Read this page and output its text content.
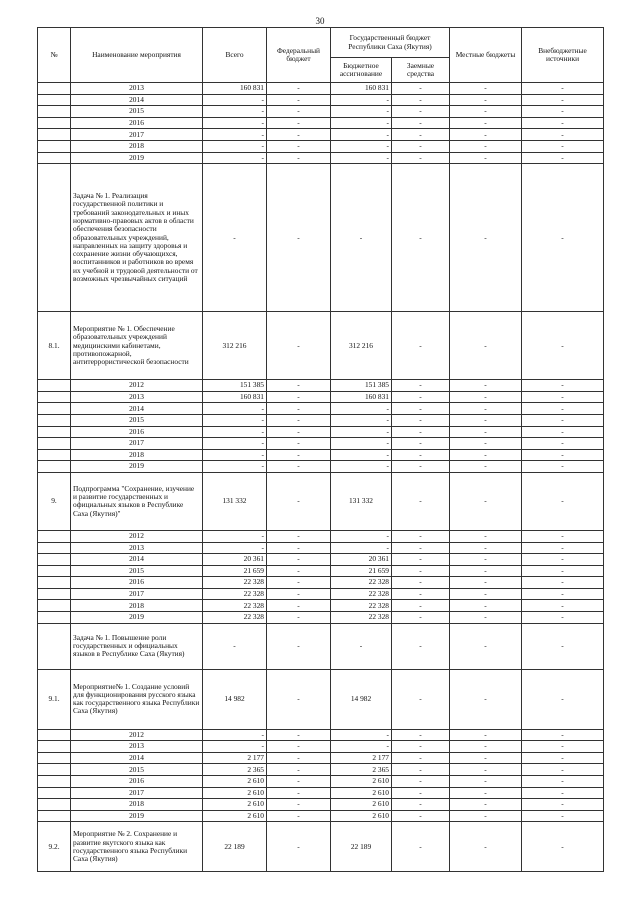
30
№	Наименование мероприятия	Всего	Федеральный бюджет	Государственный бюджет Республики Саха (Якутия)		Местные бюджеты	Внебюджетные источники
				Бюджетное ассигнование	Заемные средства		
	2013	160 831	-	160 831	-	-	-
	2014	-	-	-	-	-	-
	2015	-	-	-	-	-	-
	2016	-	-	-	-	-	-
	2017	-	-	-	-	-	-
	2018	-	-	-	-	-	-
	2019	-	-	-	-	-	-
	Задача № 1. Реализация государственной политики и требований законодательных и иных нормативно-правовых актов в области обеспечения безопасности образовательных учреждений, направленных на защиту здоровья и сохранение жизни обучающихся, воспитанников и работников во время их учебной и трудовой деятельности от возможных чрезвычайных ситуаций	-	-	-	-	-	-
8.1.	Мероприятие № 1. Обеспечение образовательных учреждений медицинскими кабинетами, противопожарной, антитеррористической безопасности	312 216	-	312 216	-	-	-
	2012	151 385	-	151 385	-	-	-
	2013	160 831	-	160 831	-	-	-
	2014	-	-	-	-	-	-
	2015	-	-	-	-	-	-
	2016	-	-	-	-	-	-
	2017	-	-	-	-	-	-
	2018	-	-	-	-	-	-
	2019	-	-	-	-	-	-
9.	Подпрограмма "Сохранение, изучение и развитие государственных и официальных языков в Республике Саха (Якутия)"	131 332	-	131 332	-	-	-
	2012	-	-	-	-	-	-
	2013	-	-	-	-	-	-
	2014	20 361	-	20 361	-	-	-
	2015	21 659	-	21 659	-	-	-
	2016	22 328	-	22 328	-	-	-
	2017	22 328	-	22 328	-	-	-
	2018	22 328	-	22 328	-	-	-
	2019	22 328	-	22 328	-	-	-
	Задача № 1. Повышение роли государственных и официальных языков в Республике Саха (Якутия)	-	-	-	-	-	-
9.1.	Мероприятие№ 1. Создание условий для функционирования русского языка как государственного языка Республики Саха (Якутия)	14 982	-	14 982	-	-	-
	2012	-	-	-	-	-	-
	2013	-	-	-	-	-	-
	2014	2 177	-	2 177	-	-	-
	2015	2 365	-	2 365	-	-	-
	2016	2 610	-	2 610	-	-	-
	2017	2 610	-	2 610	-	-	-
	2018	2 610	-	2 610	-	-	-
	2019	2 610	-	2 610	-	-	-
9.2.	Мероприятие № 2. Сохранение и развитие якутского языка как государственного языка Республики Саха (Якутия)	22 189	-	22 189	-	-	-
